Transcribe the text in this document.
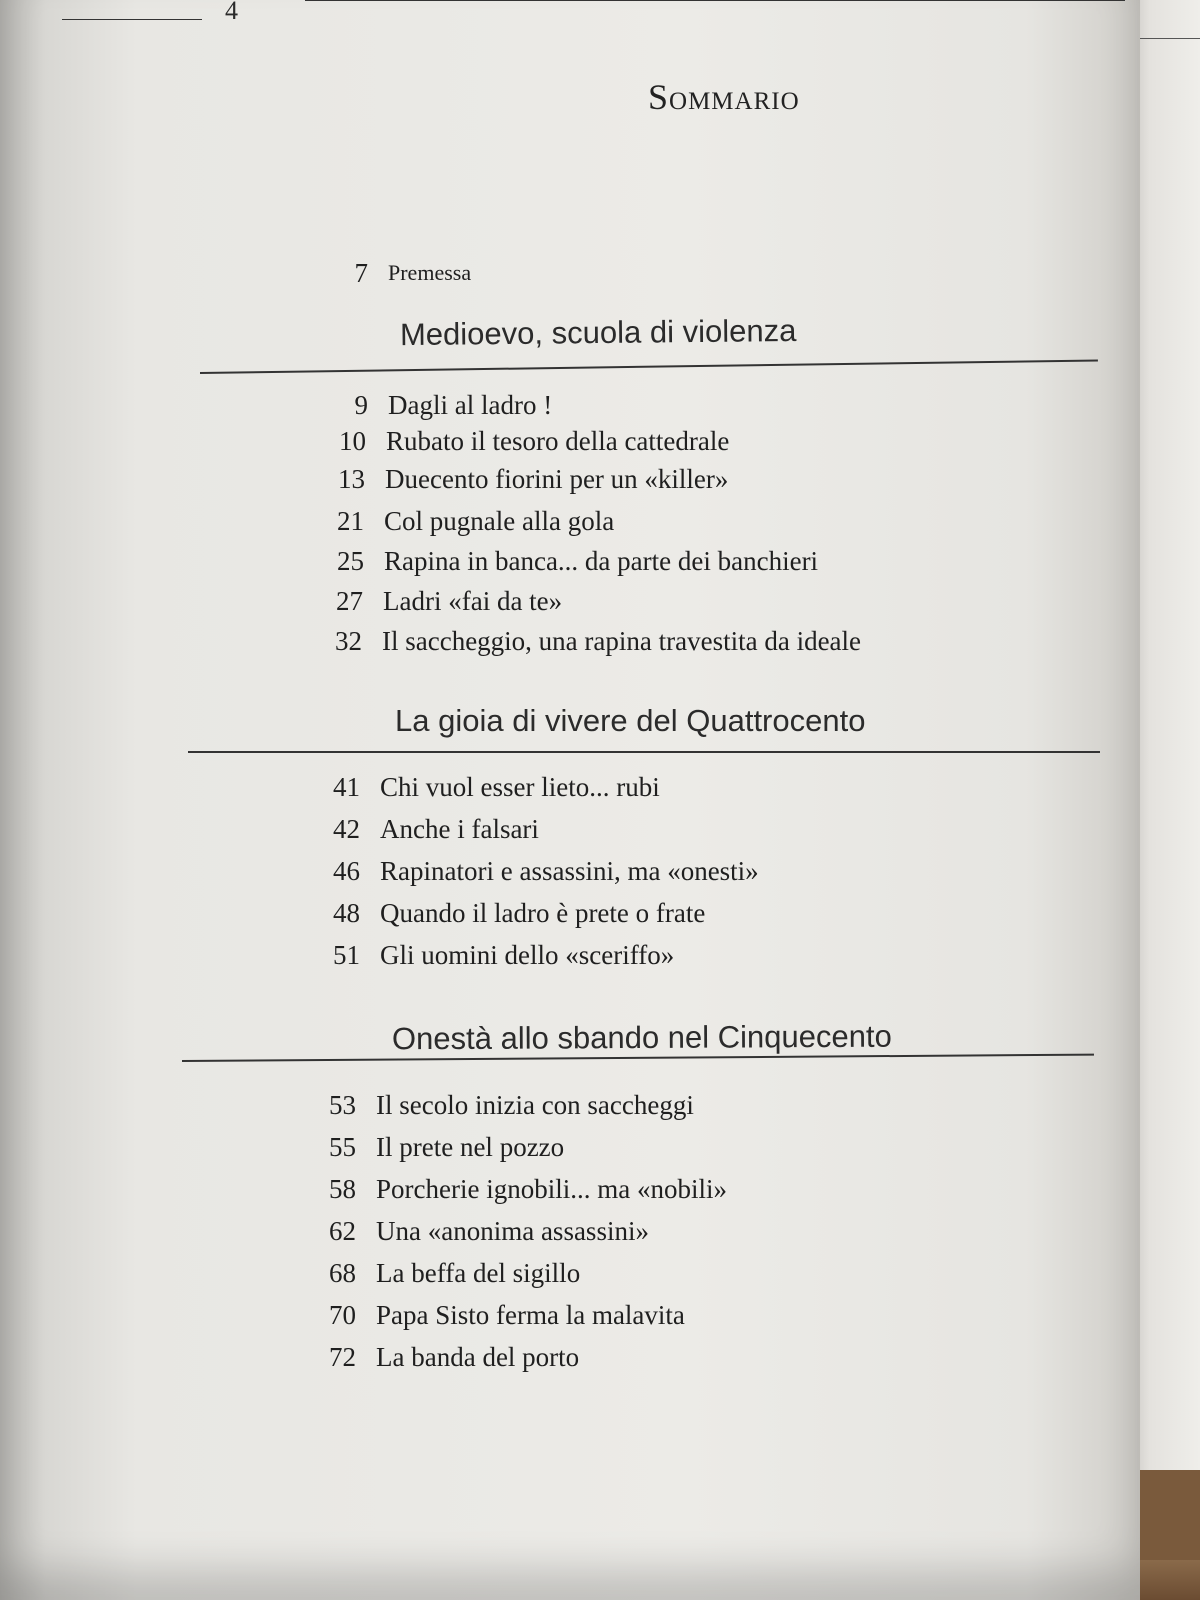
4
Sommario
7 Premessa
Medioevo, scuola di violenza
9 Dagli al ladro !
10 Rubato il tesoro della cattedrale
13 Duecento fiorini per un «killer»
21 Col pugnale alla gola
25 Rapina in banca... da parte dei banchieri
27 Ladri «fai da te»
32 Il saccheggio, una rapina travestita da ideale
La gioia di vivere del Quattrocento
41 Chi vuol esser lieto... rubi
42 Anche i falsari
46 Rapinatori e assassini, ma «onesti»
48 Quando il ladro è prete o frate
51 Gli uomini dello «sceriffo»
Onestà allo sbando nel Cinquecento
53 Il secolo inizia con saccheggi
55 Il prete nel pozzo
58 Porcherie ignobili... ma «nobili»
62 Una «anonima assassini»
68 La beffa del sigillo
70 Papa Sisto ferma la malavita
72 La banda del porto
